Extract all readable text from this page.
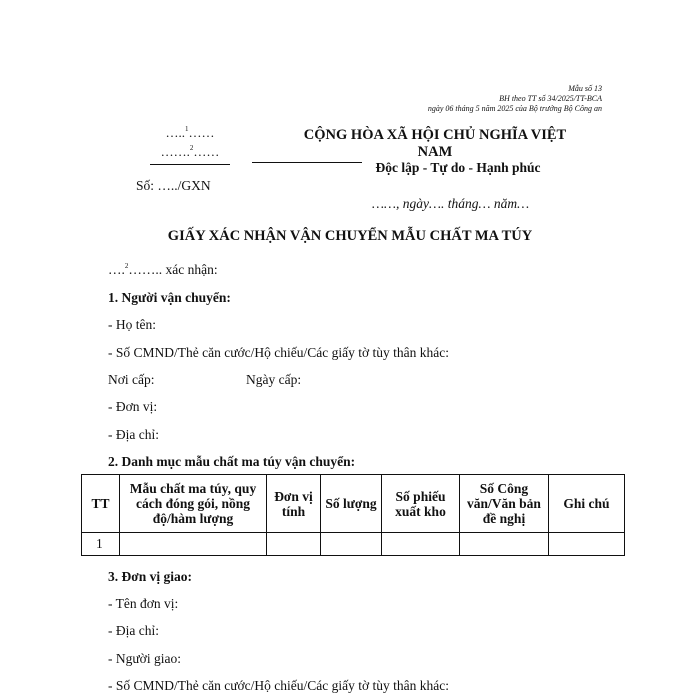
Mẫu số 13
BH theo TT số 34/2025/TT-BCA
ngày 06 tháng 5 năm 2025 của Bộ trưởng Bộ Công an
…..$^1$……
…….$^2$……
Số: …../GXN
CỘNG HÒA XÃ HỘI CHỦ NGHĨA VIỆT
NAM
Độc lập - Tự do - Hạnh phúc
……, ngày…. tháng… năm…
GIẤY XÁC NHẬN VẬN CHUYỂN MẪU CHẤT MA TÚY
….$^2$…….. xác nhận:
1. Người vận chuyển:
- Họ tên:
- Số CMND/Thẻ căn cước/Hộ chiếu/Các giấy tờ tùy thân khác:
Nơi cấp:	Ngày cấp:
- Đơn vị:
- Địa chỉ:
2. Danh mục mẫu chất ma túy vận chuyển:
TT	Mẫu chất ma túy, quy cách đóng gói, nồng độ/hàm lượng	Đơn vị tính	Số lượng	Số phiếu xuất kho	Số Công văn/Văn bản đề nghị	Ghi chú
1						
3. Đơn vị giao:
- Tên đơn vị:
- Địa chỉ:
- Người giao:
- Số CMND/Thẻ căn cước/Hộ chiếu/Các giấy tờ tùy thân khác:
